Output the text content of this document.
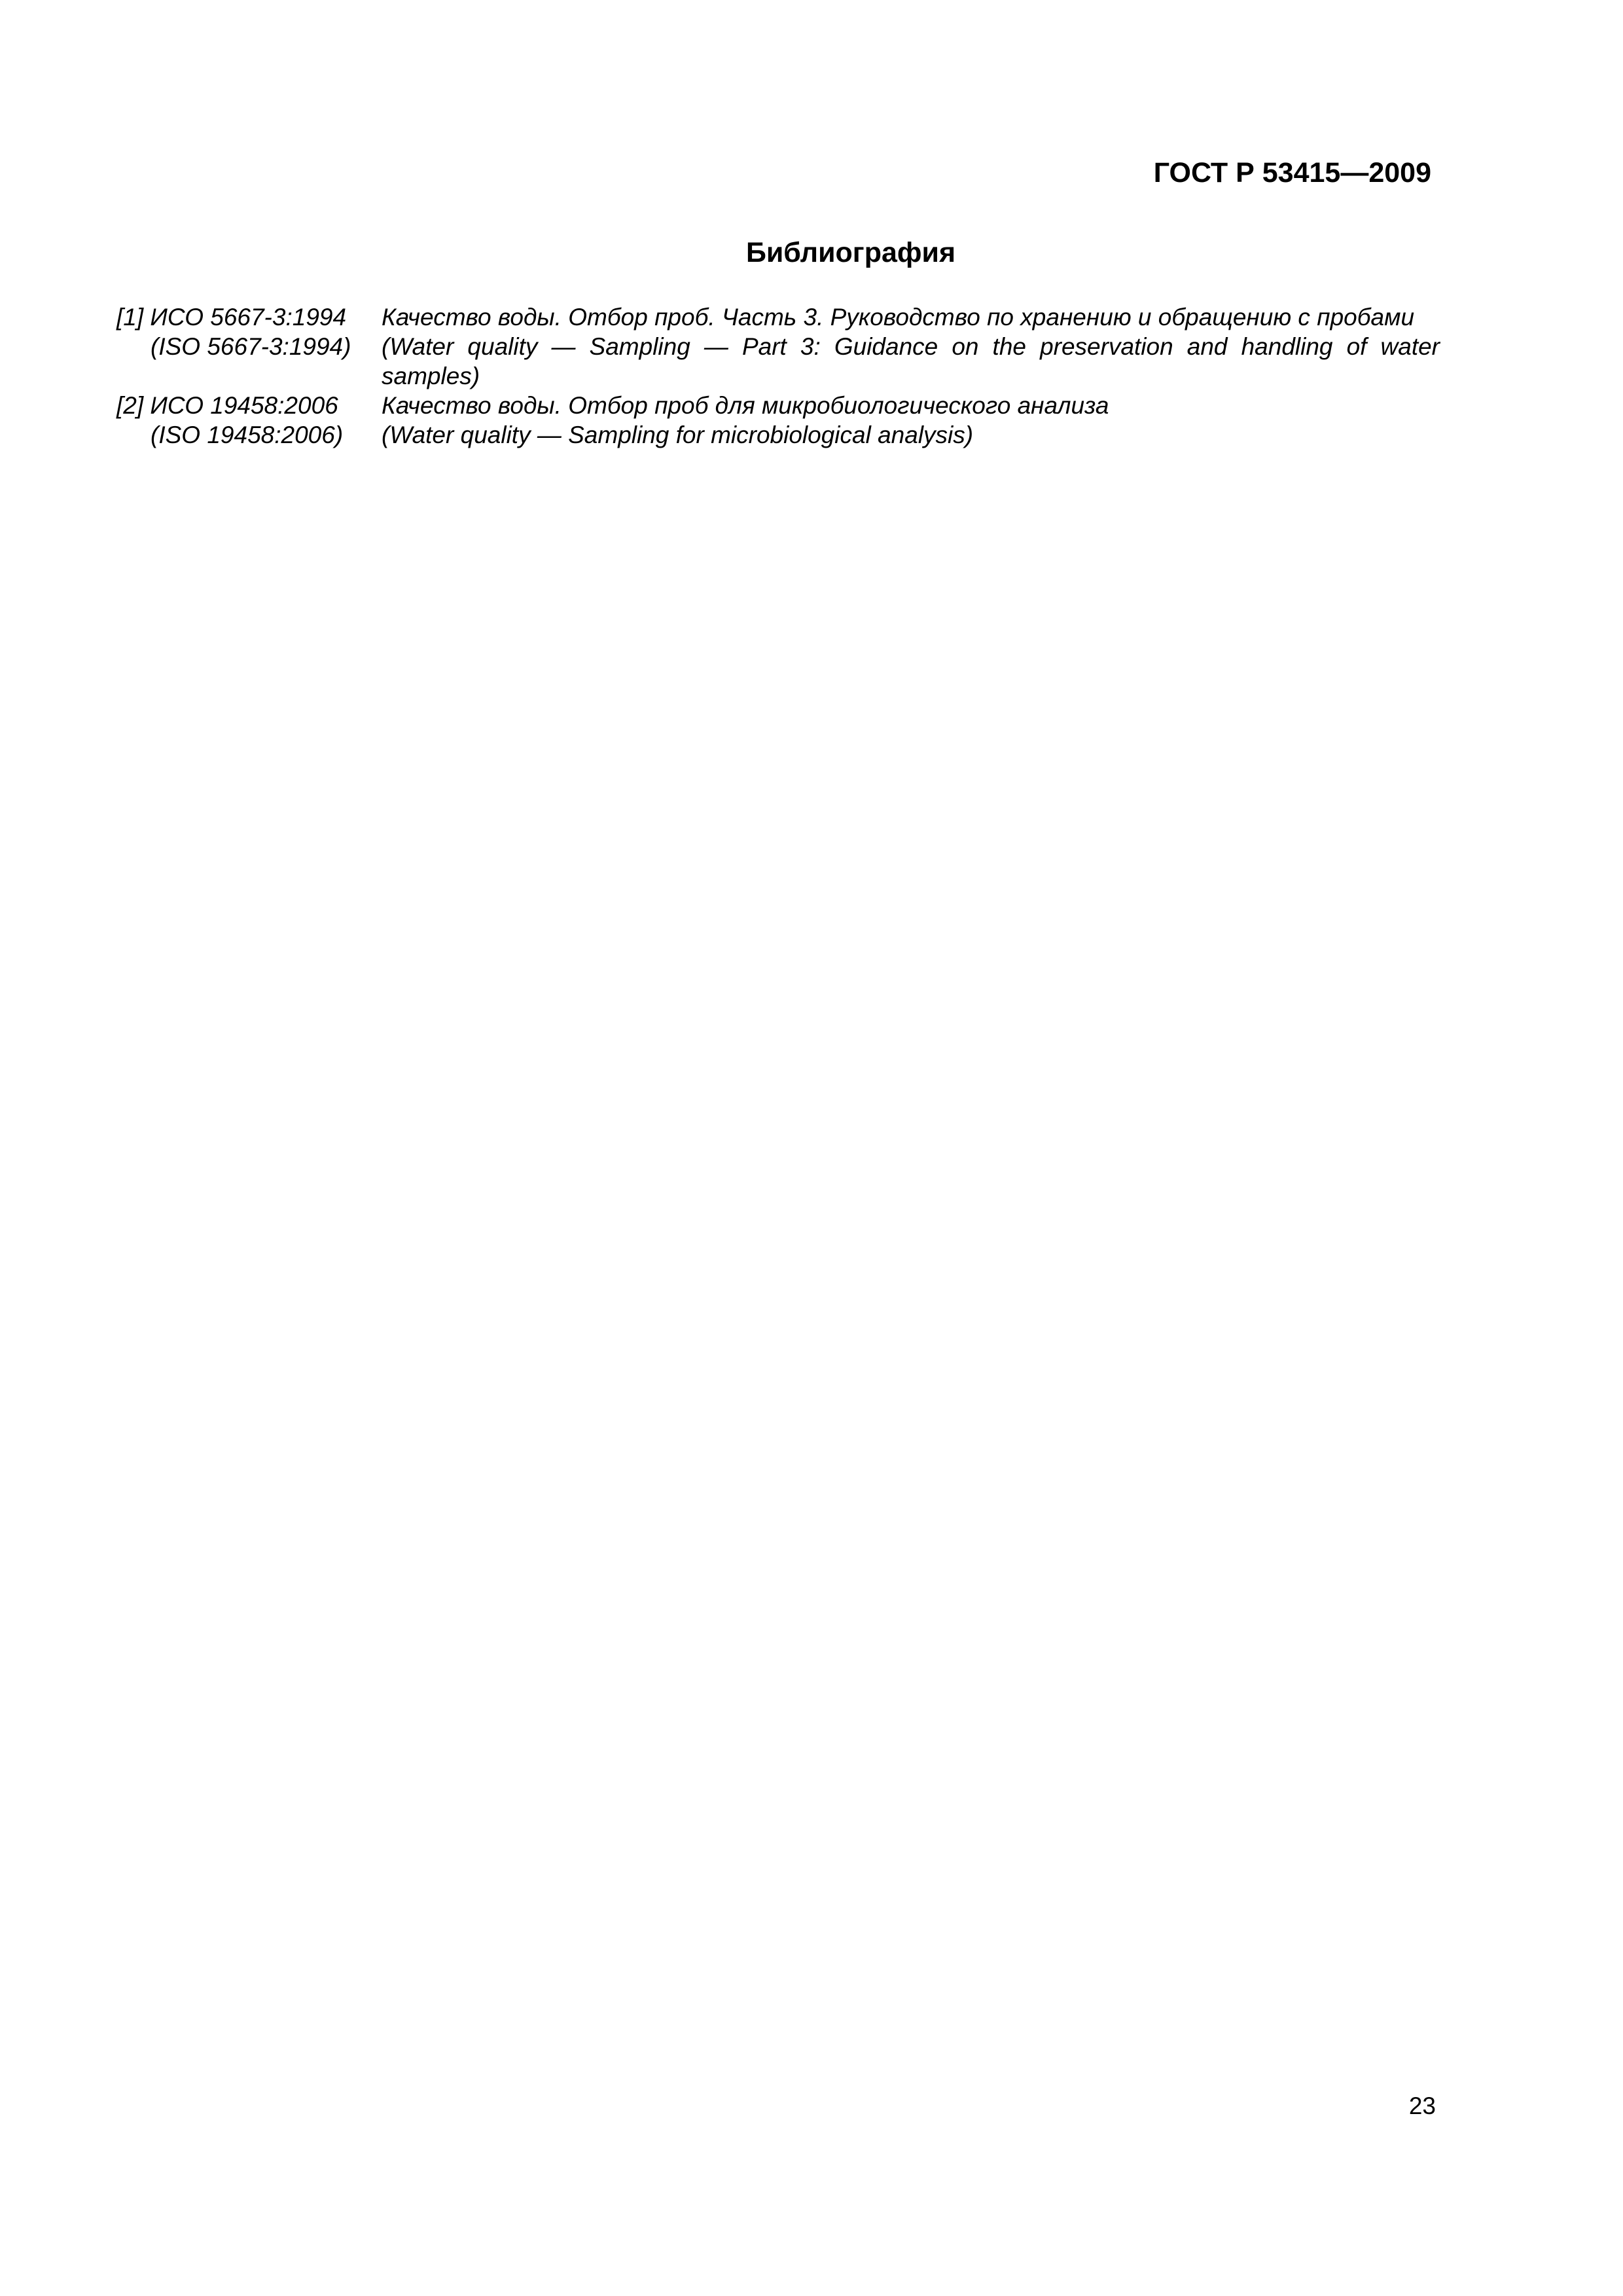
ГОСТ Р 53415—2009
Библиография
[1] ИСО 5667-3:1994	Качество воды. Отбор проб. Часть 3. Руководство по хранению и обращению с пробами
(ISO 5667-3:1994)	(Water quality — Sampling — Part 3: Guidance on the preservation and handling of water samples)
[2] ИСО 19458:2006	Качество воды. Отбор проб для микробиологического анализа
(ISO 19458:2006)	(Water quality — Sampling for microbiological analysis)
23
